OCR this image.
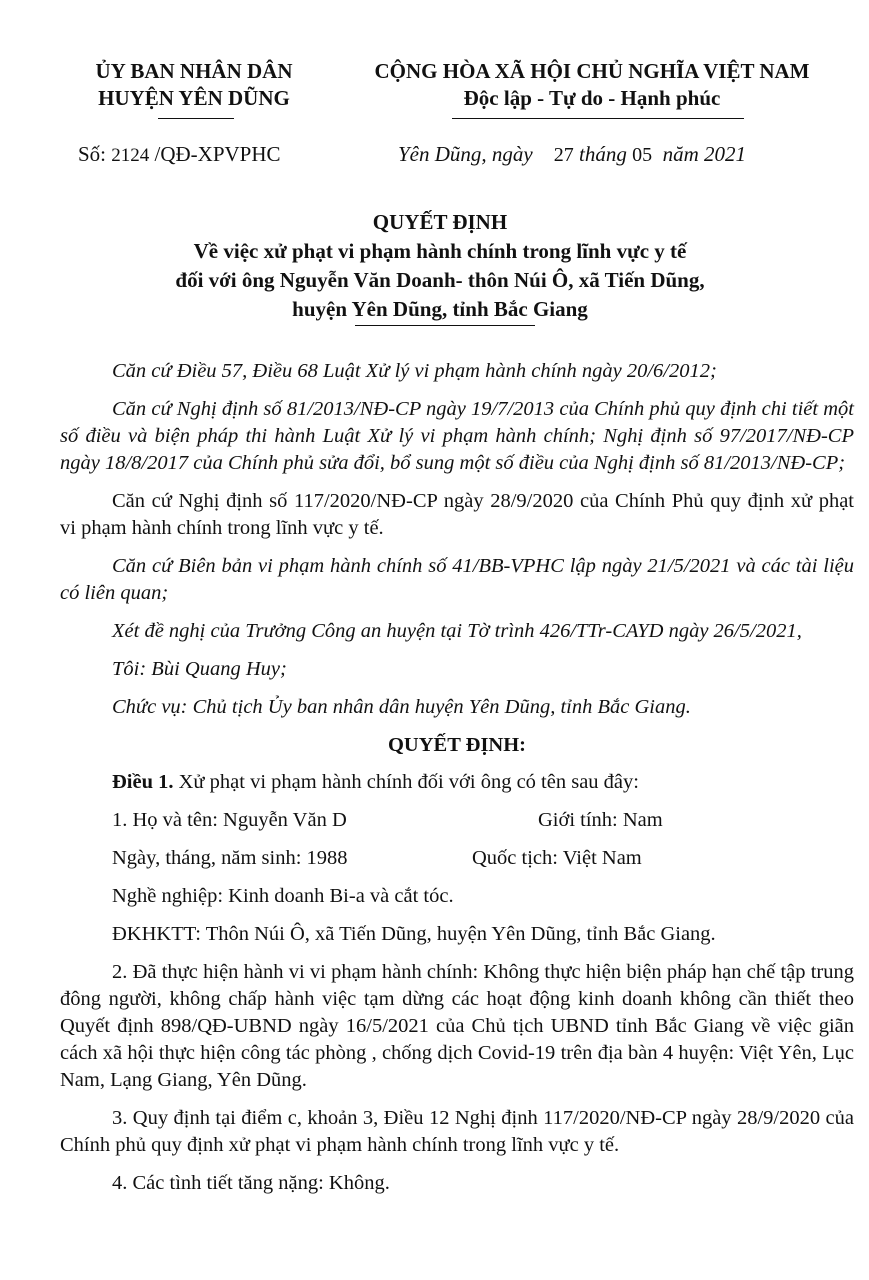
ỦY BAN NHÂN DÂN
HUYỆN YÊN DŨNG
CỘNG HÒA XÃ HỘI CHỦ NGHĨA VIỆT NAM
Độc lập - Tự do - Hạnh phúc
Số: 2124 /QĐ-XPVPHC	Yên Dũng, ngày 27 tháng 05 năm 2021
QUYẾT ĐỊNH
Về việc xử phạt vi phạm hành chính trong lĩnh vực y tế
đối với ông Nguyễn Văn Doanh- thôn Núi Ô, xã Tiến Dũng,
huyện Yên Dũng, tỉnh Bắc Giang

Căn cứ Điều 57, Điều 68 Luật Xử lý vi phạm hành chính ngày 20/6/2012;

Căn cứ Nghị định số 81/2013/NĐ-CP ngày 19/7/2013 của Chính phủ quy định chi tiết một số điều và biện pháp thi hành Luật Xử lý vi phạm hành chính; Nghị định số 97/2017/NĐ-CP ngày 18/8/2017 của Chính phủ sửa đổi, bổ sung một số điều của Nghị định số 81/2013/NĐ-CP;

Căn cứ Nghị định số 117/2020/NĐ-CP ngày 28/9/2020 của Chính Phủ quy định xử phạt vi phạm hành chính trong lĩnh vực y tế.

Căn cứ Biên bản vi phạm hành chính số 41/BB-VPHC lập ngày 21/5/2021 và các tài liệu có liên quan;

Xét đề nghị của Trưởng Công an huyện tại Tờ trình 426/TTr-CAYD ngày 26/5/2021,

Tôi: Bùi Quang Huy;

Chức vụ: Chủ tịch Ủy ban nhân dân huyện Yên Dũng, tỉnh Bắc Giang.

QUYẾT ĐỊNH:

Điều 1. Xử phạt vi phạm hành chính đối với ông có tên sau đây:

1. Họ và tên: Nguyễn Văn D	Giới tính: Nam
Ngày, tháng, năm sinh: 1988	Quốc tịch: Việt Nam

Nghề nghiệp: Kinh doanh Bi-a và cắt tóc.

ĐKHKTT: Thôn Núi Ô, xã Tiến Dũng, huyện Yên Dũng, tỉnh Bắc Giang.

2. Đã thực hiện hành vi vi phạm hành chính: Không thực hiện biện pháp hạn chế tập trung đông người, không chấp hành việc tạm dừng các hoạt động kinh doanh không cần thiết theo Quyết định 898/QĐ-UBND ngày 16/5/2021 của Chủ tịch UBND tỉnh Bắc Giang về việc giãn cách xã hội thực hiện công tác phòng , chống dịch Covid-19 trên địa bàn 4 huyện: Việt Yên, Lục Nam, Lạng Giang, Yên Dũng.

3. Quy định tại điểm c, khoản 3, Điều 12 Nghị định 117/2020/NĐ-CP ngày 28/9/2020 của Chính phủ quy định xử phạt vi phạm hành chính trong lĩnh vực y tế.

4. Các tình tiết tăng nặng: Không.
